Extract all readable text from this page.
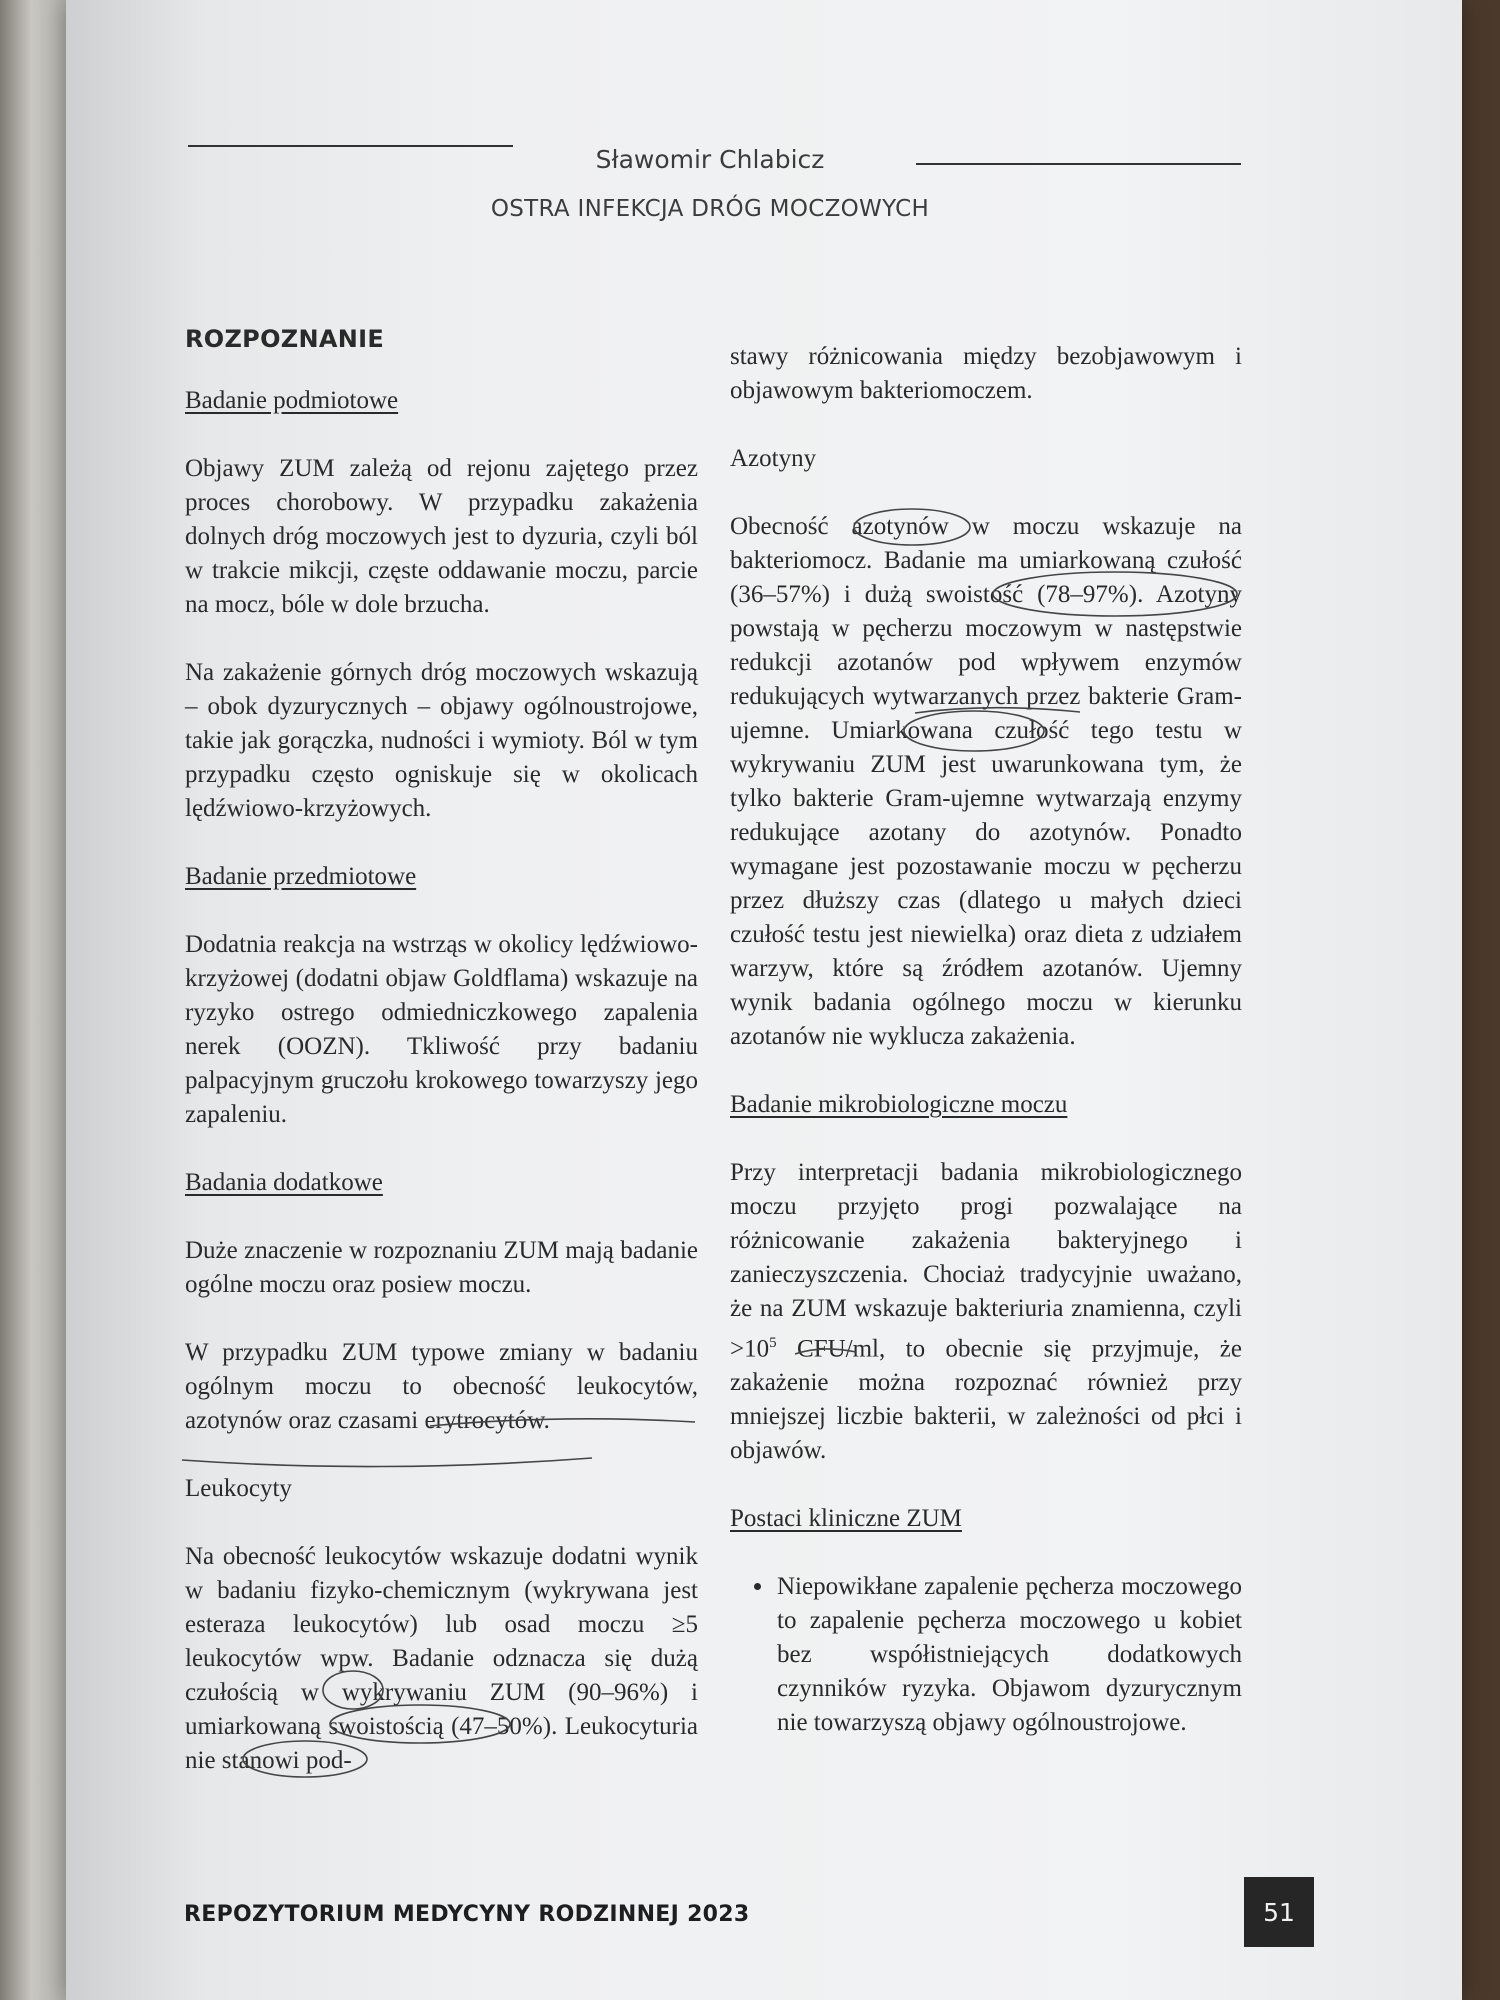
Sławomir Chlabicz
OSTRA INFEKCJA DRÓG MOCZOWYCH

ROZPOZNANIE

Badanie podmiotowe

Objawy ZUM zależą od rejonu zajętego przez proces chorobowy. W przypadku zakażenia dolnych dróg moczowych jest to dyzuria, czyli ból w trakcie mikcji, częste oddawanie moczu, parcie na mocz, bóle w dole brzucha.

Na zakażenie górnych dróg moczowych wskazują – obok dyzurycznych – objawy ogólnoustrojowe, takie jak gorączka, nudności i wymioty. Ból w tym przypadku często ogniskuje się w okolicach lędźwiowo-krzyżowych.

Badanie przedmiotowe

Dodatnia reakcja na wstrząs w okolicy lędźwiowo-krzyżowej (dodatni objaw Goldflama) wskazuje na ryzyko ostrego odmiedniczkowego zapalenia nerek (OOZN). Tkliwość przy badaniu palpacyjnym gruczołu krokowego towarzyszy jego zapaleniu.

Badania dodatkowe

Duże znaczenie w rozpoznaniu ZUM mają badanie ogólne moczu oraz posiew moczu.

W przypadku ZUM typowe zmiany w badaniu ogólnym moczu to obecność leukocytów, azotynów oraz czasami erytrocytów.

Leukocyty

Na obecność leukocytów wskazuje dodatni wynik w badaniu fizyko-chemicznym (wykrywana jest esteraza leukocytów) lub osad moczu ≥5 leukocytów wpw. Badanie odznacza się dużą czułością w wykrywaniu ZUM (90–96%) i umiarkowaną swoistością (47–50%). Leukocyturia nie stanowi pod-

stawy różnicowania między bezobjawowym i objawowym bakteriomoczem.

Azotyny

Obecność azotynów w moczu wskazuje na bakteriomocz. Badanie ma umiarkowaną czułość (36–57%) i dużą swoistość (78–97%). Azotyny powstają w pęcherzu moczowym w następstwie redukcji azotanów pod wpływem enzymów redukujących wytwarzanych przez bakterie Gram-ujemne. Umiarkowana czułość tego testu w wykrywaniu ZUM jest uwarunkowana tym, że tylko bakterie Gram-ujemne wytwarzają enzymy redukujące azotany do azotynów. Ponadto wymagane jest pozostawanie moczu w pęcherzu przez dłuższy czas (dlatego u małych dzieci czułość testu jest niewielka) oraz dieta z udziałem warzyw, które są źródłem azotanów. Ujemny wynik badania ogólnego moczu w kierunku azotanów nie wyklucza zakażenia.

Badanie mikrobiologiczne moczu

Przy interpretacji badania mikrobiologicznego moczu przyjęto progi pozwalające na różnicowanie zakażenia bakteryjnego i zanieczyszczenia. Chociaż tradycyjnie uważano, że na ZUM wskazuje bakteriuria znamienna, czyli $>10^5$ CFU/ml, to obecnie się przyjmuje, że zakażenie można rozpoznać również przy mniejszej liczbie bakterii, w zależności od płci i objawów.

Postaci kliniczne ZUM

• Niepowikłane zapalenie pęcherza moczowego to zapalenie pęcherza moczowego u kobiet bez współistniejących dodatkowych czynników ryzyka. Objawom dyzurycznym nie towarzyszą objawy ogólnoustrojowe.
REPOZYTORIUM MEDYCYNY RODZINNEJ 2023	51
